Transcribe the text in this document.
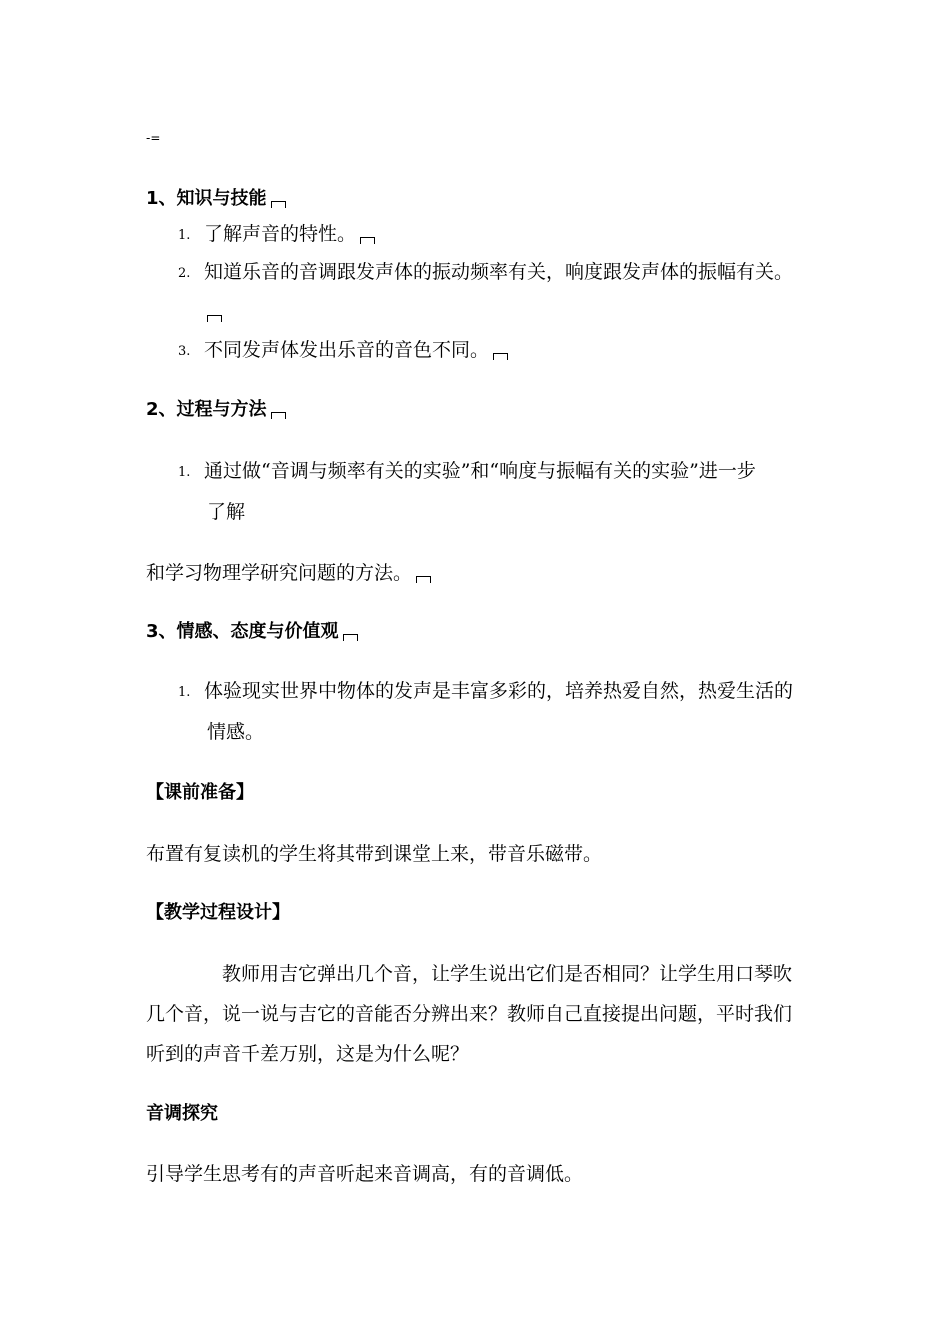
-=
1、知识与技能
1. 了解声音的特性。
2. 知道乐音的音调跟发声体的振动频率有关，响度跟发声体的振幅有关。
3. 不同发声体发出乐音的音色不同。
2、过程与方法
1. 通过做“音调与频率有关的实验”和“响度与振幅有关的实验”进一步
了解
和学习物理学研究问题的方法。
3、情感、态度与价值观
1. 体验现实世界中物体的发声是丰富多彩的，培养热爱自然，热爱生活的
情感。
【课前准备】
布置有复读机的学生将其带到课堂上来，带音乐磁带。
【教学过程设计】
教师用吉它弹出几个音，让学生说出它们是否相同？让学生用口琴吹
几个音，说一说与吉它的音能否分辨出来？教师自己直接提出问题，平时我们
听到的声音千差万别，这是为什么呢？
音调探究
引导学生思考有的声音听起来音调高，有的音调低。
